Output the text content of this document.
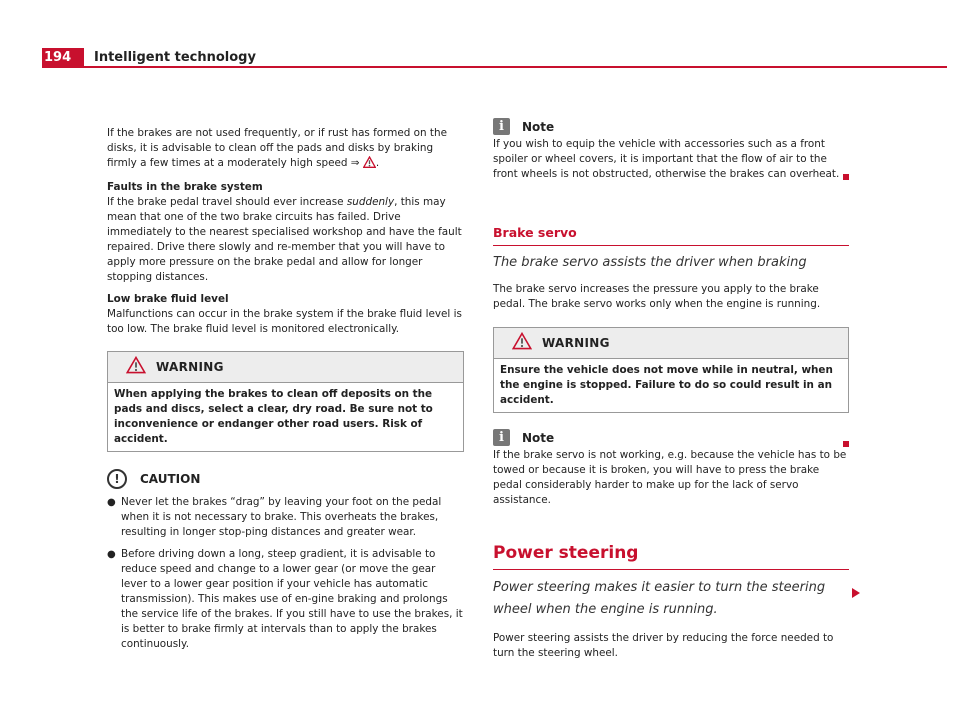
194	Intelligent technology

If the brakes are not used frequently, or if rust has formed on the disks, it is advisable to clean off the pads and disks by braking firmly a few times at a moderately high speed ⇒ .

Faults in the brake system

If the brake pedal travel should ever increase suddenly, this may mean that one of the two brake circuits has failed. Drive immediately to the nearest specialised workshop and have the fault repaired. Drive there slowly and re-member that you will have to apply more pressure on the brake pedal and allow for longer stopping distances.

Low brake fluid level

Malfunctions can occur in the brake system if the brake fluid level is too low. The brake fluid level is monitored electronically.

WARNING
When applying the brakes to clean off deposits on the pads and discs, select a clear, dry road. Be sure not to inconvenience or endanger other road users. Risk of accident.
!	CAUTION
● Never let the brakes “drag” by leaving your foot on the pedal when it is not necessary to brake. This overheats the brakes, resulting in longer stop-ping distances and greater wear.
● Before driving down a long, steep gradient, it is advisable to reduce speed and change to a lower gear (or move the gear lever to a lower gear position if your vehicle has automatic transmission). This makes use of en-gine braking and prolongs the service life of the brakes. If you still have to use the brakes, it is better to brake firmly at intervals than to apply the brakes continuously.
i	Note

If you wish to equip the vehicle with accessories such as a front spoiler or wheel covers, it is important that the flow of air to the front wheels is not obstructed, otherwise the brakes can overheat.

Brake servo
The brake servo assists the driver when braking

The brake servo increases the pressure you apply to the brake pedal. The brake servo works only when the engine is running.

WARNING
Ensure the vehicle does not move while in neutral, when the engine is stopped. Failure to do so could result in an accident.
i	Note

If the brake servo is not working, e.g. because the vehicle has to be towed or because it is broken, you will have to press the brake pedal considerably harder to make up for the lack of servo assistance.

Power steering
Power steering makes it easier to turn the steering wheel when the engine is running.

Power steering assists the driver by reducing the force needed to turn the steering wheel.
